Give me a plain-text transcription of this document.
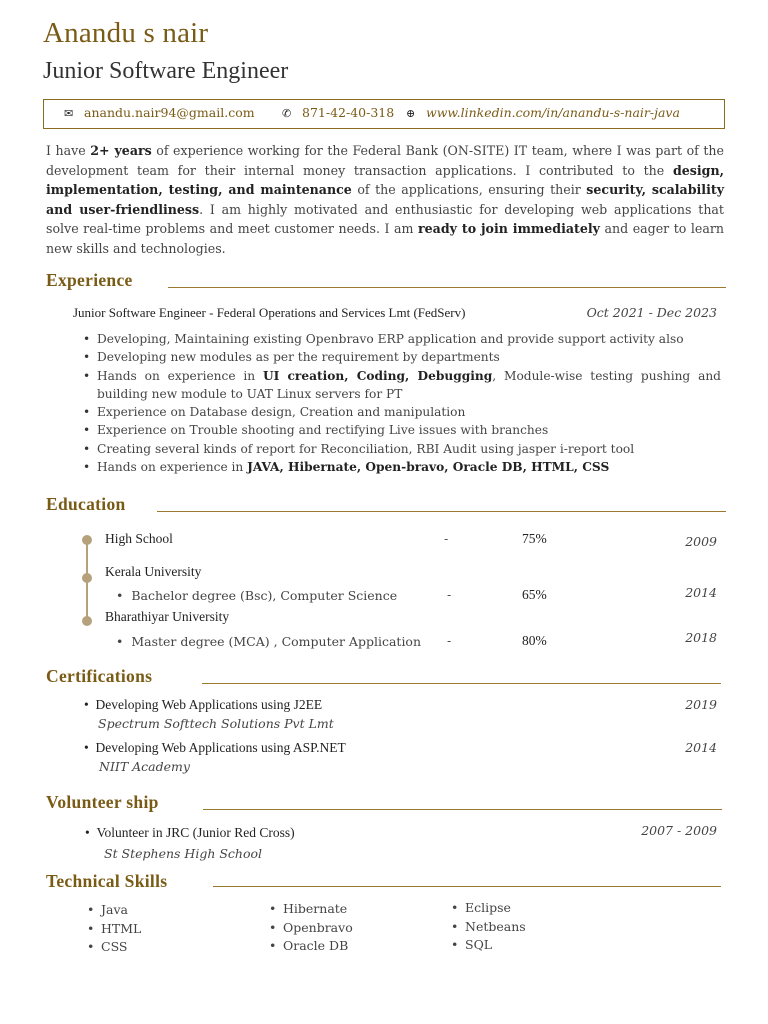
Anandu s nair
Junior Software Engineer
✉ anandu.nair94@gmail.com ✆ 871-42-40-318 ⊕ www.linkedin.com/in/anandu-s-nair-java
I have 2+ years of experience working for the Federal Bank (ON-SITE) IT team, where I was part of the development team for their internal money transaction applications. I contributed to the design, implementation, testing, and maintenance of the applications, ensuring their security, scalability and user-friendliness. I am highly motivated and enthusiastic for developing web applications that solve real-time problems and meet customer needs. I am ready to join immediately and eager to learn new skills and technologies.
Experience
Junior Software Engineer - Federal Operations and Services Lmt (FedServ)	Oct 2021 - Dec 2023
• Developing, Maintaining existing Openbravo ERP application and provide support activity also
• Developing new modules as per the requirement by departments
• Hands on experience in UI creation, Coding, Debugging, Module-wise testing pushing and building new module to UAT Linux servers for PT
• Experience on Database design, Creation and manipulation
• Experience on Trouble shooting and rectifying Live issues with branches
• Creating several kinds of report for Reconciliation, RBI Audit using jasper i-report tool
• Hands on experience in JAVA, Hibernate, Open-bravo, Oracle DB, HTML, CSS
Education
High School	-	75%	2009
Kerala University
•  Bachelor degree (Bsc), Computer Science	-	65%	2014
Bharathiyar University
•  Master degree (MCA) , Computer Application -	80%	2018
Certifications
•  Developing Web Applications using J2EE
Spectrum Softtech Solutions Pvt Lmt
2019
•  Developing Web Applications using ASP.NET
NIIT Academy
2014
Volunteer ship
•  Volunteer in JRC (Junior Red Cross)
St Stephens High School
2007 - 2009
Technical Skills
• Java
• HTML
• CSS
• Hibernate
• Openbravo
• Oracle DB
• Eclipse
• Netbeans
• SQL
